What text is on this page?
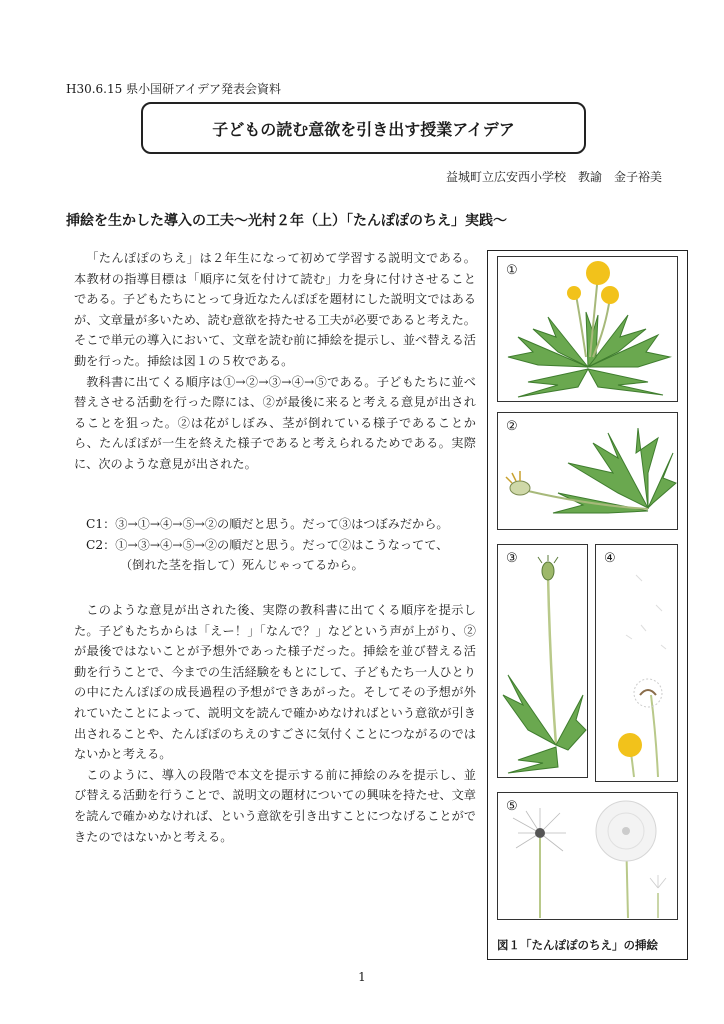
H30.6.15 県小国研アイデア発表会資料
子どもの読む意欲を引き出す授業アイデア
益城町立広安西小学校　教諭　金子裕美
挿絵を生かした導入の工夫～光村２年（上）「たんぽぽのちえ」実践～

「たんぽぽのちえ」は２年生になって初めて学習する説明文である。本教材の指導目標は「順序に気を付けて読む」力を身に付けさせることである。子どもたちにとって身近なたんぽぽを題材にした説明文ではあるが、文章量が多いため、読む意欲を持たせる工夫が必要であると考えた。そこで単元の導入において、文章を読む前に挿絵を提示し、並べ替える活動を行った。挿絵は図１の５枚である。

教科書に出てくる順序は①→②→③→④→⑤である。子どもたちに並べ替えさせる活動を行った際には、②が最後に来ると考える意見が出されることを狙った。②は花がしぼみ、茎が倒れている様子であることから、たんぽぽが一生を終えた様子であると考えられるためである。実際に、次のような意見が出された。

C1：③→①→④→⑤→②の順だと思う。だって③はつぼみだから。
C2：①→③→④→⑤→②の順だと思う。だって②はこうなってて、
（倒れた茎を指して）死んじゃってるから。

このような意見が出された後、実際の教科書に出てくる順序を提示した。子どもたちからは「えー！」「なんで？」などという声が上がり、②が最後ではないことが予想外であった様子だった。挿絵を並び替える活動を行うことで、今までの生活経験をもとにして、子どもたち一人ひとりの中にたんぽぽの成長過程の予想ができあがった。そしてその予想が外れていたことによって、説明文を読んで確かめなければという意欲が引き出されることや、たんぽぽのちえのすごさに気付くことにつながるのではないかと考える。

このように、導入の段階で本文を提示する前に挿絵のみを提示し、並び替える活動を行うことで、説明文の題材についての興味を持たせ、文章を読んで確かめなければ、という意欲を引き出すことにつなげることができたのではないかと考える。

①
②
③	④
⑤
図１「たんぽぽのちえ」の挿絵
1
